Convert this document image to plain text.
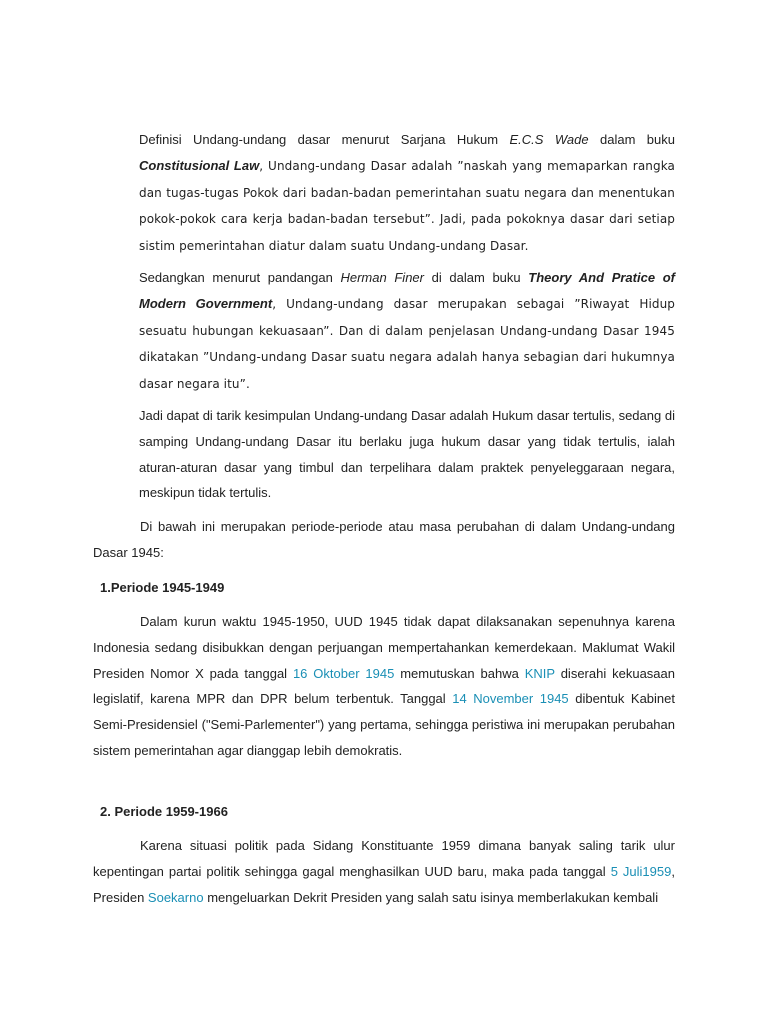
Definisi Undang-undang dasar menurut Sarjana Hukum E.C.S Wade dalam buku Constitusional Law, Undang-undang Dasar adalah ”naskah yang memaparkan rangka dan tugas-tugas Pokok dari badan-badan pemerintahan suatu negara dan menentukan pokok-pokok cara kerja badan-badan tersebut”. Jadi, pada pokoknya dasar dari setiap sistim pemerintahan diatur dalam suatu Undang-undang Dasar.

Sedangkan menurut pandangan Herman Finer di dalam buku Theory And Pratice of Modern Government, Undang-undang dasar merupakan sebagai ”Riwayat Hidup sesuatu hubungan kekuasaan”. Dan di dalam penjelasan Undang-undang Dasar 1945 dikatakan ”Undang-undang Dasar suatu negara adalah hanya sebagian dari hukumnya dasar negara itu”.

Jadi dapat di tarik kesimpulan Undang-undang Dasar adalah Hukum dasar tertulis, sedang di samping Undang-undang Dasar itu berlaku juga hukum dasar yang tidak tertulis, ialah aturan-aturan dasar yang timbul dan terpelihara dalam praktek penyeleggaraan negara, meskipun tidak tertulis.

Di bawah ini merupakan periode-periode atau masa perubahan di dalam Undang-undang Dasar 1945:

1.Periode 1945-1949

Dalam kurun waktu 1945-1950, UUD 1945 tidak dapat dilaksanakan sepenuhnya karena Indonesia sedang disibukkan dengan perjuangan mempertahankan kemerdekaan. Maklumat Wakil Presiden Nomor X pada tanggal 16 Oktober 1945 memutuskan bahwa KNIP diserahi kekuasaan legislatif, karena MPR dan DPR belum terbentuk. Tanggal 14 November 1945 dibentuk Kabinet Semi-Presidensiel ("Semi-Parlementer") yang pertama, sehingga peristiwa ini merupakan perubahan sistem pemerintahan agar dianggap lebih demokratis.

2. Periode 1959-1966

Karena situasi politik pada Sidang Konstituante 1959 dimana banyak saling tarik ulur kepentingan partai politik sehingga gagal menghasilkan UUD baru, maka pada tanggal 5 Juli1959, Presiden Soekarno mengeluarkan Dekrit Presiden yang salah satu isinya memberlakukan kembali
